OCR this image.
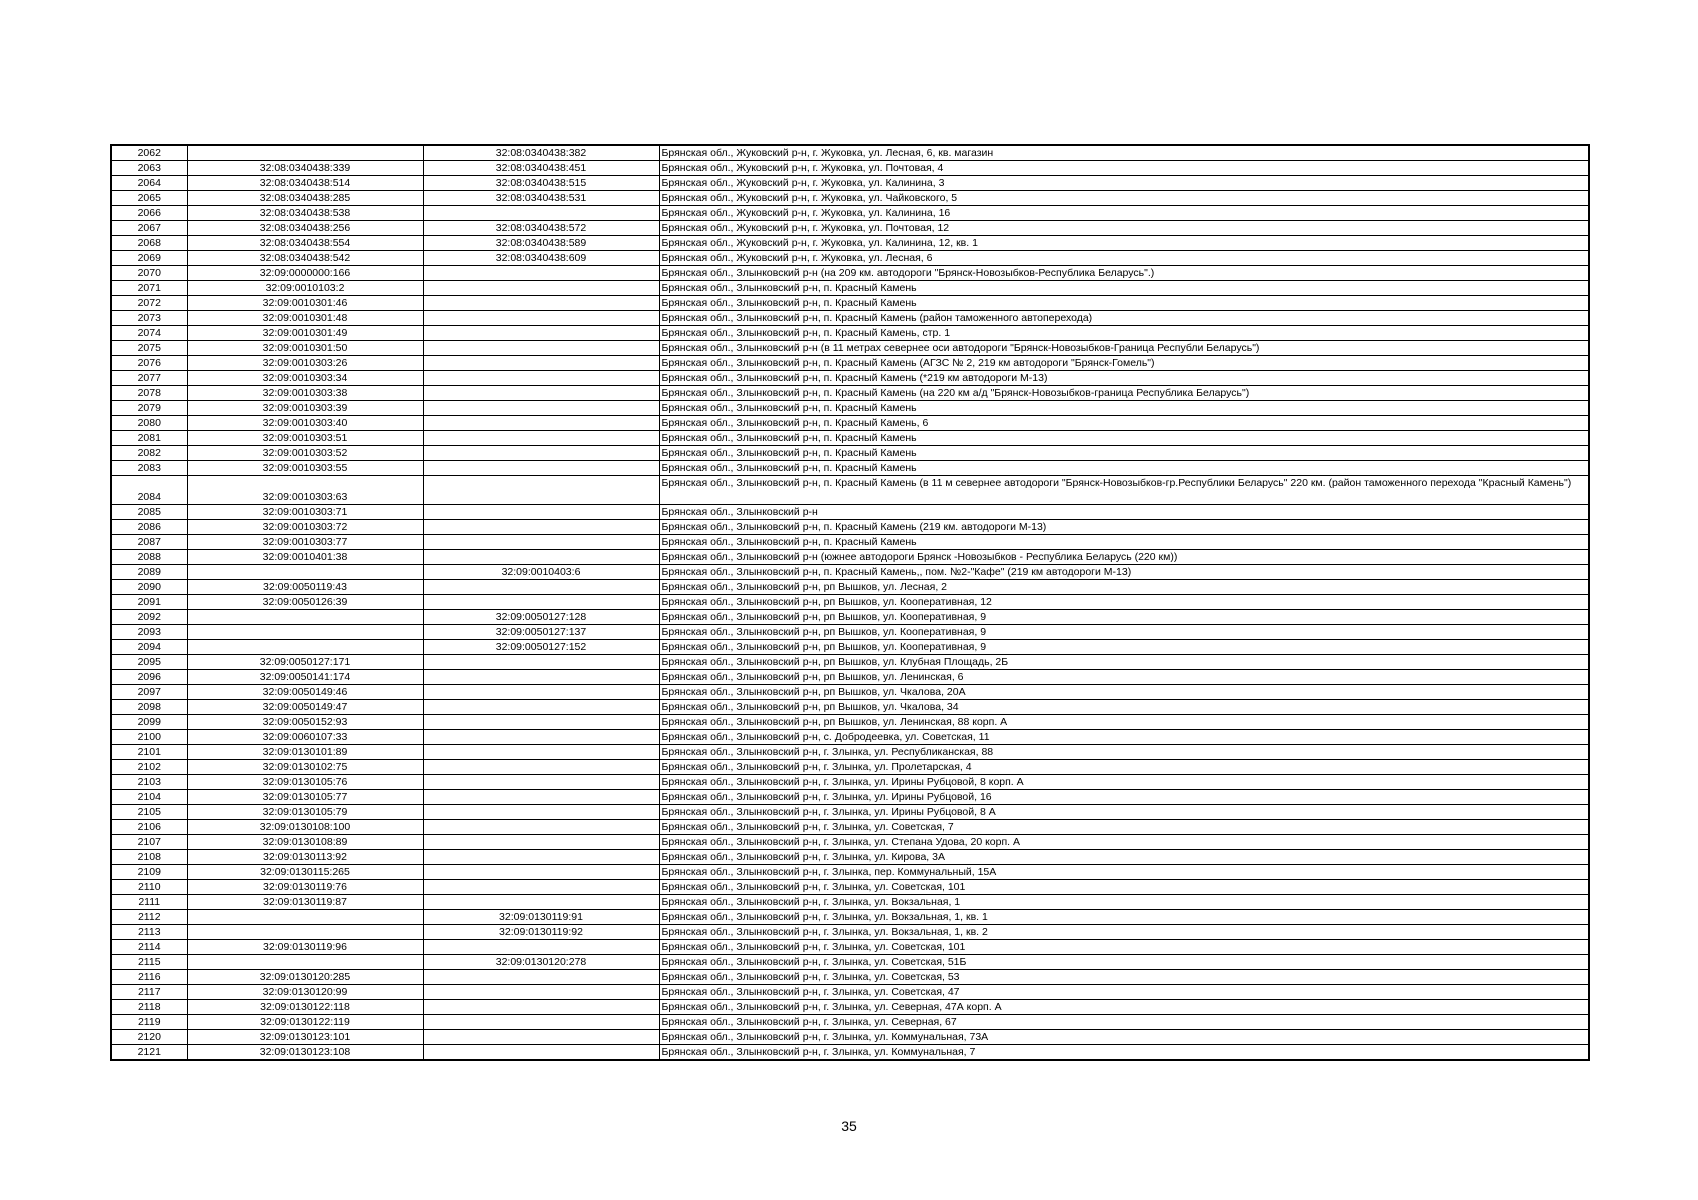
2062		32:08:0340438:382	Брянская обл., Жуковский р-н, г. Жуковка, ул. Лесная, 6, кв. магазин
2063	32:08:0340438:339	32:08:0340438:451	Брянская обл., Жуковский р-н, г. Жуковка, ул. Почтовая, 4
2064	32:08:0340438:514	32:08:0340438:515	Брянская обл., Жуковский р-н, г. Жуковка, ул. Калинина, 3
2065	32:08:0340438:285	32:08:0340438:531	Брянская обл., Жуковский р-н, г. Жуковка, ул. Чайковского, 5
2066	32:08:0340438:538		Брянская обл., Жуковский р-н, г. Жуковка, ул. Калинина, 16
2067	32:08:0340438:256	32:08:0340438:572	Брянская обл., Жуковский р-н, г. Жуковка, ул. Почтовая, 12
2068	32:08:0340438:554	32:08:0340438:589	Брянская обл., Жуковский р-н, г. Жуковка, ул. Калинина, 12, кв. 1
2069	32:08:0340438:542	32:08:0340438:609	Брянская обл., Жуковский р-н, г. Жуковка, ул. Лесная, 6
2070	32:09:0000000:166		Брянская обл., Злынковский р-н (на 209 км. автодороги "Брянск-Новозыбков-Республика Беларусь".)
2071	32:09:0010103:2		Брянская обл., Злынковский р-н, п. Красный Камень
2072	32:09:0010301:46		Брянская обл., Злынковский р-н, п. Красный Камень
2073	32:09:0010301:48		Брянская обл., Злынковский р-н, п. Красный Камень (район таможенного автоперехода)
2074	32:09:0010301:49		Брянская обл., Злынковский р-н, п. Красный Камень, стр. 1
2075	32:09:0010301:50		Брянская обл., Злынковский р-н (в 11 метрах севернее оси автодороги "Брянск-Новозыбков-Граница Республи Беларусь")
2076	32:09:0010303:26		Брянская обл., Злынковский р-н, п. Красный Камень (АГЗС № 2, 219 км автодороги "Брянск-Гомель")
2077	32:09:0010303:34		Брянская обл., Злынковский р-н, п. Красный Камень (*219 км автодороги М-13)
2078	32:09:0010303:38		Брянская обл., Злынковский р-н, п. Красный Камень (на 220 км а/д "Брянск-Новозыбков-граница Республика Беларусь")
2079	32:09:0010303:39		Брянская обл., Злынковский р-н, п. Красный Камень
2080	32:09:0010303:40		Брянская обл., Злынковский р-н, п. Красный Камень, 6
2081	32:09:0010303:51		Брянская обл., Злынковский р-н, п. Красный Камень
2082	32:09:0010303:52		Брянская обл., Злынковский р-н, п. Красный Камень
2083	32:09:0010303:55		Брянская обл., Злынковский р-н, п. Красный Камень
2084	32:09:0010303:63		Брянская обл., Злынковский р-н, п. Красный Камень (в 11 м севернее автодороги "Брянск-Новозыбков-гр.Республики Беларусь" 220 км. (район таможенного перехода "Красный Камень")
2085	32:09:0010303:71		Брянская обл., Злынковский р-н
2086	32:09:0010303:72		Брянская обл., Злынковский р-н, п. Красный Камень (219 км. автодороги М-13)
2087	32:09:0010303:77		Брянская обл., Злынковский р-н, п. Красный Камень
2088	32:09:0010401:38		Брянская обл., Злынковский р-н (южнее автодороги Брянск -Новозыбков - Республика Беларусь (220 км))
2089		32:09:0010403:6	Брянская обл., Злынковский р-н, п. Красный Камень,, пом. №2-"Кафе" (219 км автодороги М-13)
2090	32:09:0050119:43		Брянская обл., Злынковский р-н, рп Вышков, ул. Лесная, 2
2091	32:09:0050126:39		Брянская обл., Злынковский р-н, рп Вышков, ул. Кооперативная, 12
2092		32:09:0050127:128	Брянская обл., Злынковский р-н, рп Вышков, ул. Кооперативная, 9
2093		32:09:0050127:137	Брянская обл., Злынковский р-н, рп Вышков, ул. Кооперативная, 9
2094		32:09:0050127:152	Брянская обл., Злынковский р-н, рп Вышков, ул. Кооперативная, 9
2095	32:09:0050127:171		Брянская обл., Злынковский р-н, рп Вышков, ул. Клубная Площадь, 2Б
2096	32:09:0050141:174		Брянская обл., Злынковский р-н, рп Вышков, ул. Ленинская, 6
2097	32:09:0050149:46		Брянская обл., Злынковский р-н, рп Вышков, ул. Чкалова, 20А
2098	32:09:0050149:47		Брянская обл., Злынковский р-н, рп Вышков, ул. Чкалова, 34
2099	32:09:0050152:93		Брянская обл., Злынковский р-н, рп Вышков, ул. Ленинская, 88 корп. А
2100	32:09:0060107:33		Брянская обл., Злынковский р-н, с. Добродеевка, ул. Советская, 11
2101	32:09:0130101:89		Брянская обл., Злынковский р-н, г. Злынка, ул. Республиканская, 88
2102	32:09:0130102:75		Брянская обл., Злынковский р-н, г. Злынка, ул. Пролетарская, 4
2103	32:09:0130105:76		Брянская обл., Злынковский р-н, г. Злынка, ул. Ирины Рубцовой, 8 корп. А
2104	32:09:0130105:77		Брянская обл., Злынковский р-н, г. Злынка, ул. Ирины Рубцовой, 16
2105	32:09:0130105:79		Брянская обл., Злынковский р-н, г. Злынка, ул. Ирины Рубцовой, 8 А
2106	32:09:0130108:100		Брянская обл., Злынковский р-н, г. Злынка, ул. Советская, 7
2107	32:09:0130108:89		Брянская обл., Злынковский р-н, г. Злынка, ул. Степана Удова, 20 корп. А
2108	32:09:0130113:92		Брянская обл., Злынковский р-н, г. Злынка, ул. Кирова, 3А
2109	32:09:0130115:265		Брянская обл., Злынковский р-н, г. Злынка, пер. Коммунальный, 15А
2110	32:09:0130119:76		Брянская обл., Злынковский р-н, г. Злынка, ул. Советская, 101
2111	32:09:0130119:87		Брянская обл., Злынковский р-н, г. Злынка, ул. Вокзальная, 1
2112		32:09:0130119:91	Брянская обл., Злынковский р-н, г. Злынка, ул. Вокзальная, 1, кв. 1
2113		32:09:0130119:92	Брянская обл., Злынковский р-н, г. Злынка, ул. Вокзальная, 1, кв. 2
2114	32:09:0130119:96		Брянская обл., Злынковский р-н, г. Злынка, ул. Советская, 101
2115		32:09:0130120:278	Брянская обл., Злынковский р-н, г. Злынка, ул. Советская, 51Б
2116	32:09:0130120:285		Брянская обл., Злынковский р-н, г. Злынка, ул. Советская, 53
2117	32:09:0130120:99		Брянская обл., Злынковский р-н, г. Злынка, ул. Советская, 47
2118	32:09:0130122:118		Брянская обл., Злынковский р-н, г. Злынка, ул. Северная, 47А корп. А
2119	32:09:0130122:119		Брянская обл., Злынковский р-н, г. Злынка, ул. Северная, 67
2120	32:09:0130123:101		Брянская обл., Злынковский р-н, г. Злынка, ул. Коммунальная, 73А
2121	32:09:0130123:108		Брянская обл., Злынковский р-н, г. Злынка, ул. Коммунальная, 7
35
